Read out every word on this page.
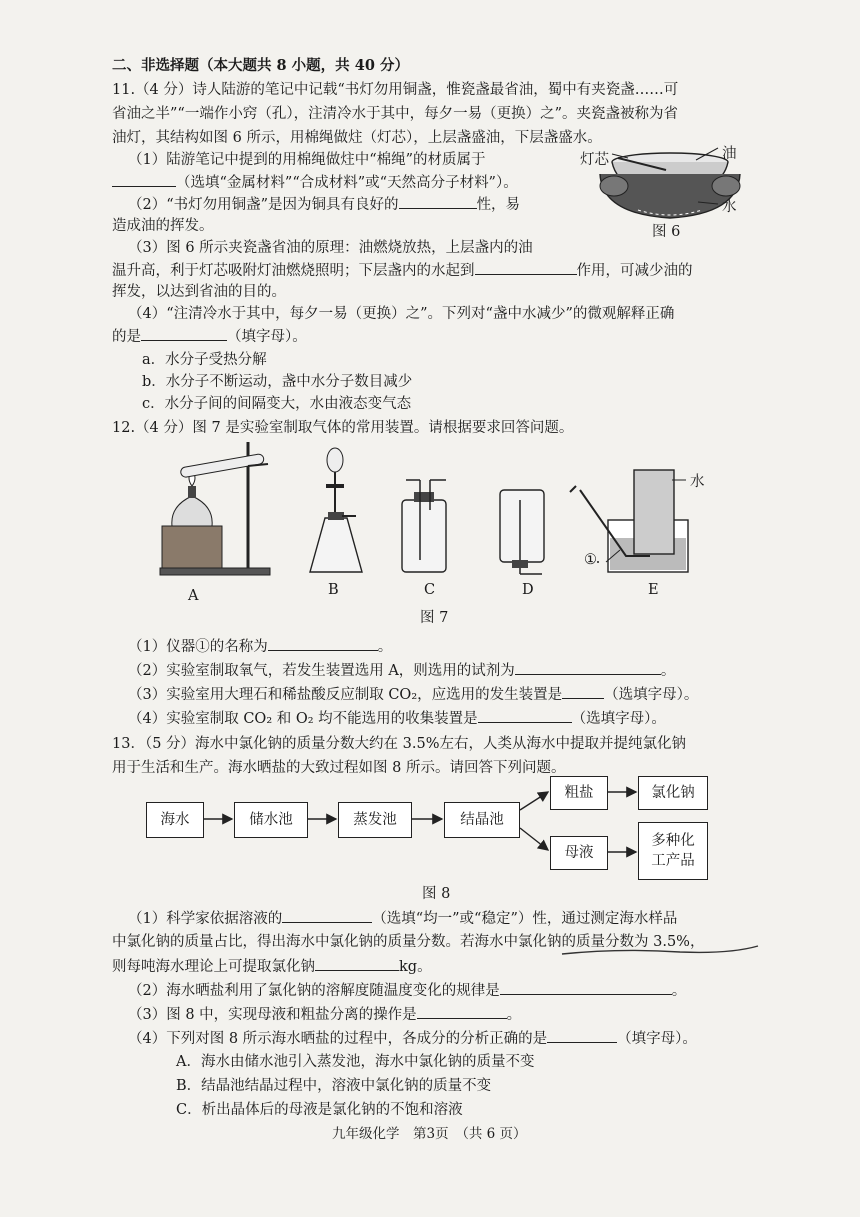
二、非选择题（本大题共 8 小题，共 40 分）
11.（4 分）诗人陆游的笔记中记载“书灯勿用铜盏，惟瓷盏最省油，蜀中有夹瓷盏……可
省油之半”“一端作小窍（孔），注清冷水于其中，每夕一易（更换）之”。夹瓷盏被称为省
油灯，其结构如图 6 所示，用棉绳做炷（灯芯），上层盏盛油，下层盏盛水。
（1）陆游笔记中提到的用棉绳做炷中“棉绳”的材质属于
（选填“金属材料”“合成材料”或“天然高分子材料”）。
（2）“书灯勿用铜盏”是因为铜具有良好的	性，易
造成油的挥发。
（3）图 6 所示夹瓷盏省油的原理：油燃烧放热，上层盏内的油
温升高，利于灯芯吸附灯油燃烧照明；下层盏内的水起到	作用，可减少油的
挥发，以达到省油的目的。
（4）“注清冷水于其中，每夕一易（更换）之”。下列对“盏中水减少”的微观解释正确
的是	（填字母）。
a．水分子受热分解
b．水分子不断运动，盏中水分子数目减少
c．水分子间的间隔变大，水由液态变气态
灯芯	油
水
图 6
12.（4 分）图 7 是实验室制取气体的常用装置。请根据要求回答问题。
A	B	C	D	E
水
①
图 7
（1）仪器①的名称为	。
（2）实验室制取氧气，若发生装置选用 A，则选用的试剂为	。
（3）实验室用大理石和稀盐酸反应制取 CO₂，应选用的发生装置是	（选填字母）。
（4）实验室制取 CO₂ 和 O₂ 均不能选用的收集装置是	（选填字母）。
13．（5 分）海水中氯化钠的质量分数大约在 3.5%左右，人类从海水中提取并提纯氯化钠
用于生活和生产。海水晒盐的大致过程如图 8 所示。请回答下列问题。
海水	储水池	蒸发池	结晶池
粗盐	氯化钠
母液
多种化
工产品
图 8
（1）科学家依据溶液的	（选填“均一”或“稳定”）性，通过测定海水样品
中氯化钠的质量占比，得出海水中氯化钠的质量分数。若海水中氯化钠的质量分数为 3.5%，
则每吨海水理论上可提取氯化钠	kg。
（2）海水晒盐利用了氯化钠的溶解度随温度变化的规律是	。
（3）图 8 中，实现母液和粗盐分离的操作是	。
（4）下列对图 8 所示海水晒盐的过程中，各成分的分析正确的是	（填字母）。
A．海水由储水池引入蒸发池，海水中氯化钠的质量不变
B．结晶池结晶过程中，溶液中氯化钠的质量不变
C．析出晶体后的母液是氯化钠的不饱和溶液
九年级化学　第3页　（共 6 页）
